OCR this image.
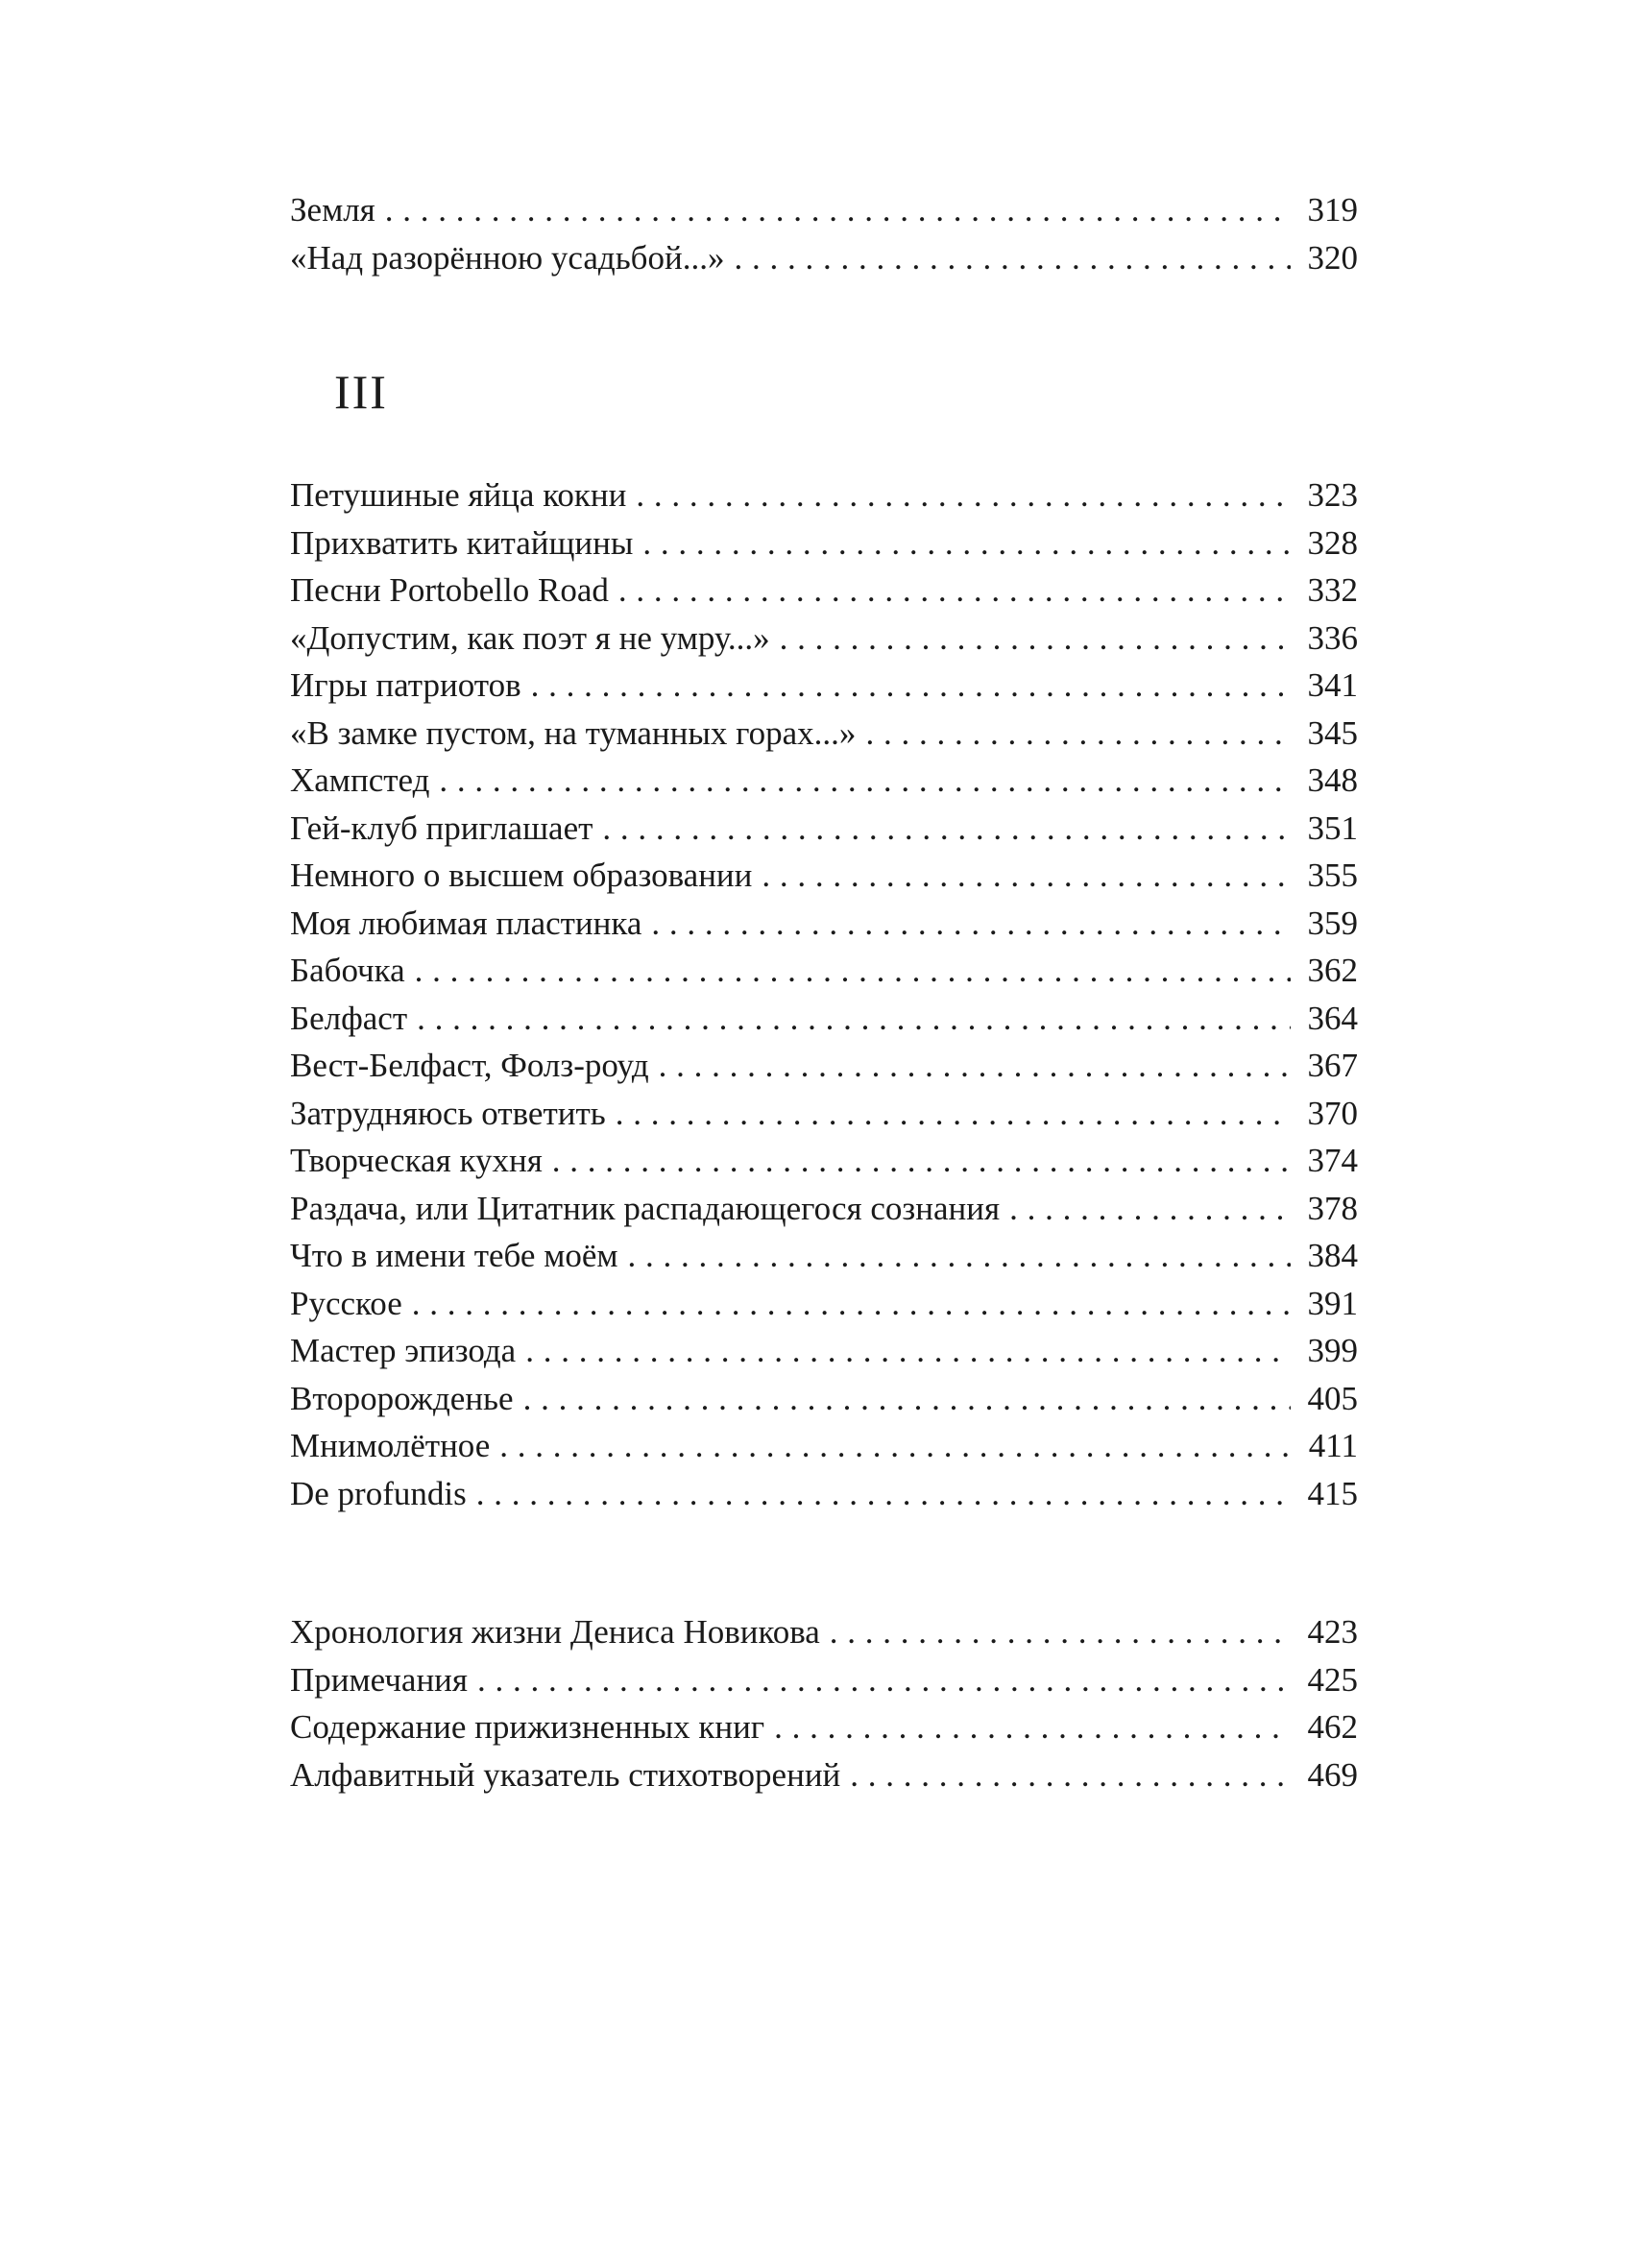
Земля . . .	319
«Над разорённою усадьбой...» . . .	320
III
Петушиные яйца кокни . . .	323
Прихватить китайщины . . .	328
Песни Portobello Road . . .	332
«Допустим, как поэт я не умру...» . . .	336
Игры патриотов . . .	341
«В замке пустом, на туманных горах...» . . .	345
Хампстед . . .	348
Гей-клуб приглашает . . .	351
Немного о высшем образовании . . .	355
Моя любимая пластинка . . .	359
Бабочка . . .	362
Белфаст . . .	364
Вест-Белфаст, Фолз-роуд . . .	367
Затрудняюсь ответить . . .	370
Творческая кухня . . .	374
Раздача, или Цитатник распадающегося сознания . . .	378
Что в имени тебе моём . . .	384
Русское . . .	391
Мастер эпизода . . .	399
Второрожденье . . .	405
Мнимолётное . . .	411
De profundis . . .	415
Хронология жизни Дениса Новикова . . .	423
Примечания . . .	425
Содержание прижизненных книг . . .	462
Алфавитный указатель стихотворений . . .	469
